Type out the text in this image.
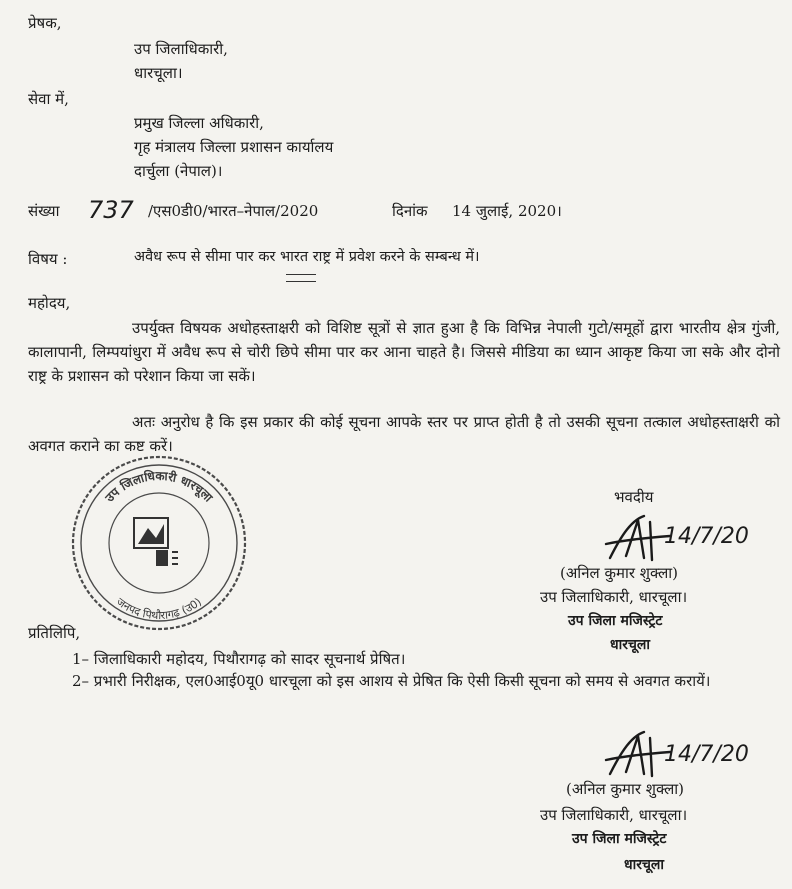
प्रेषक,
उप जिलाधिकारी,
धारचूला।
सेवा में,
प्रमुख जिल्ला अधिकारी,
गृह मंत्रालय जिल्ला प्रशासन कार्यालय
दार्चुला (नेपाल)।
संख्या 737 /एस0डी0/भारत–नेपाल/2020	दिनांक 14 जुलाई, 2020।
विषय :	अवैध रूप से सीमा पार कर भारत राष्ट्र में प्रवेश करने के सम्बन्ध में।
महोदय,
उपर्युक्त विषयक अधोहस्ताक्षरी को विशिष्ट सूत्रों से ज्ञात हुआ है कि विभिन्न नेपाली गुटो/समूहों द्वारा भारतीय क्षेत्र गुंजी, कालापानी, लिम्पयांधुरा में अवैध रूप से चोरी छिपे सीमा पार कर आना चाहते है। जिससे मीडिया का ध्यान आकृष्ट किया जा सके और दोनो राष्ट्र के प्रशासन को परेशान किया जा सकें।
अतः अनुरोध है कि इस प्रकार की कोई सूचना आपके स्तर पर प्राप्त होती है तो उसकी सूचना तत्काल अधोहस्ताक्षरी को अवगत कराने का कष्ट करें।
उप जिलाधिकारी धारचूला
जनपद पिथौरागढ़ (उ0)
भवदीय
14/7/20
(अनिल कुमार शुक्ला)
उप जिलाधिकारी, धारचूला।
उप जिला मजिस्ट्रेट
धारचूला
प्रतिलिपि,
1– जिलाधिकारी महोदय, पिथौरागढ़ को सादर सूचनार्थ प्रेषित।
2– प्रभारी निरीक्षक, एल0आई0यू0 धारचूला को इस आशय से प्रेषित कि ऐसी किसी सूचना को समय से अवगत करायें।
14/7/20
(अनिल कुमार शुक्ला)
उप जिलाधिकारी, धारचूला।
उप जिला मजिस्ट्रेट
धारचूला
